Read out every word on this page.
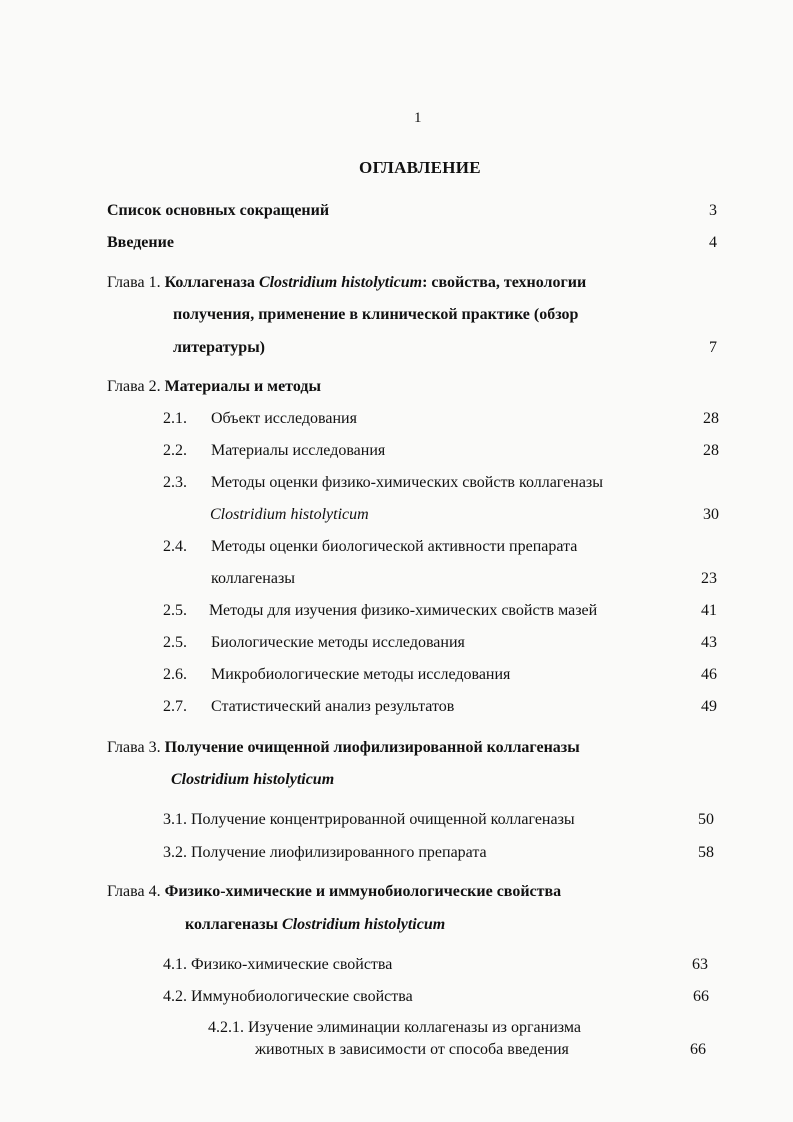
1
ОГЛАВЛЕНИЕ
Список основных сокращений	3
Введение	4
Глава 1. Коллагеназа Clostridium histolyticum: свойства, технологии
получения, применение в клинической практике (обзор
литературы)	7
Глава 2. Материалы и методы
2.1. Объект исследования	28
2.2. Материалы исследования	28
2.3. Методы оценки физико-химических свойств коллагеназы
Clostridium histolyticum	30
2.4. Методы оценки биологической активности препарата
коллагеназы	23
2.5. Методы для изучения физико-химических свойств мазей	41
2.5. Биологические методы исследования	43
2.6. Микробиологические методы исследования	46
2.7. Статистический анализ результатов	49
Глава 3. Получение очищенной лиофилизированной коллагеназы
Clostridium histolyticum
3.1. Получение концентрированной очищенной коллагеназы	50
3.2. Получение лиофилизированного препарата	58
Глава 4. Физико-химические и иммунобиологические свойства
коллагеназы Clostridium histolyticum
4.1. Физико-химические свойства	63
4.2. Иммунобиологические свойства	66
4.2.1. Изучение элиминации коллагеназы из организма
животных в зависимости от способа введения	66
